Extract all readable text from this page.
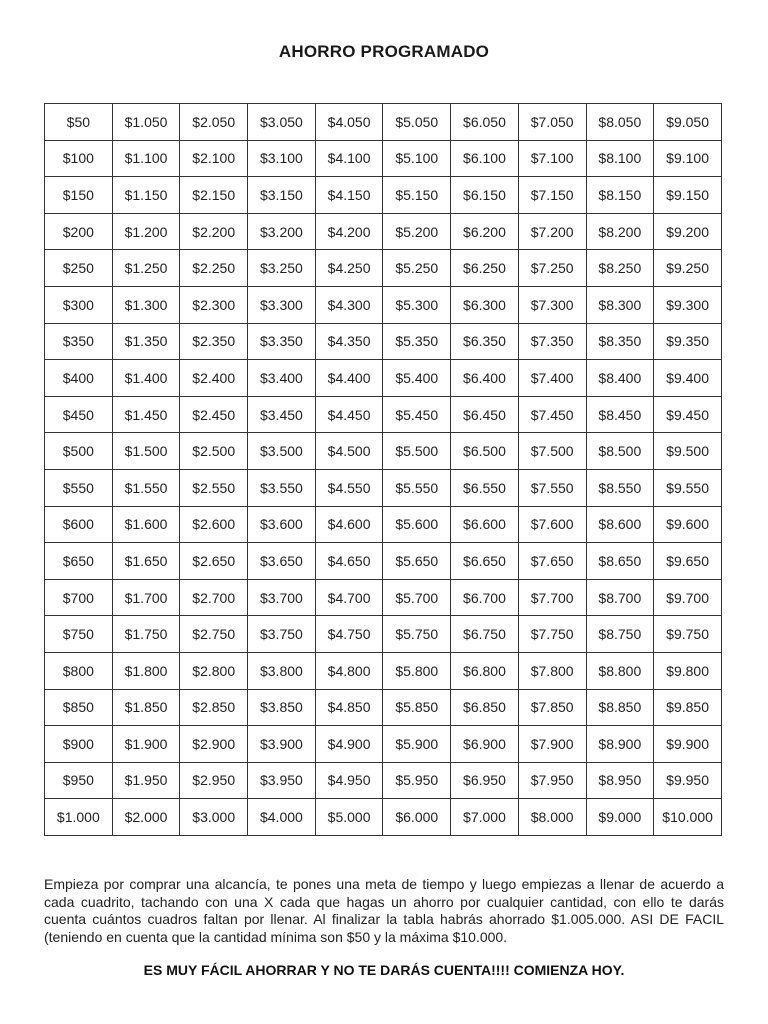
AHORRO PROGRAMADO
$50	$1.050	$2.050	$3.050	$4.050	$5.050	$6.050	$7.050	$8.050	$9.050
$100	$1.100	$2.100	$3.100	$4.100	$5.100	$6.100	$7.100	$8.100	$9.100
$150	$1.150	$2.150	$3.150	$4.150	$5.150	$6.150	$7.150	$8.150	$9.150
$200	$1.200	$2.200	$3.200	$4.200	$5.200	$6.200	$7.200	$8.200	$9.200
$250	$1.250	$2.250	$3.250	$4.250	$5.250	$6.250	$7.250	$8.250	$9.250
$300	$1.300	$2.300	$3.300	$4.300	$5.300	$6.300	$7.300	$8.300	$9.300
$350	$1.350	$2.350	$3.350	$4.350	$5.350	$6.350	$7.350	$8.350	$9.350
$400	$1.400	$2.400	$3.400	$4.400	$5.400	$6.400	$7.400	$8.400	$9.400
$450	$1.450	$2.450	$3.450	$4.450	$5.450	$6.450	$7.450	$8.450	$9.450
$500	$1.500	$2.500	$3.500	$4.500	$5.500	$6.500	$7.500	$8.500	$9.500
$550	$1.550	$2.550	$3.550	$4.550	$5.550	$6.550	$7.550	$8.550	$9.550
$600	$1.600	$2.600	$3.600	$4.600	$5.600	$6.600	$7.600	$8.600	$9.600
$650	$1.650	$2.650	$3.650	$4.650	$5.650	$6.650	$7.650	$8.650	$9.650
$700	$1.700	$2.700	$3.700	$4.700	$5.700	$6.700	$7.700	$8.700	$9.700
$750	$1.750	$2.750	$3.750	$4.750	$5.750	$6.750	$7.750	$8.750	$9.750
$800	$1.800	$2.800	$3.800	$4.800	$5.800	$6.800	$7.800	$8.800	$9.800
$850	$1.850	$2.850	$3.850	$4.850	$5.850	$6.850	$7.850	$8.850	$9.850
$900	$1.900	$2.900	$3.900	$4.900	$5.900	$6.900	$7.900	$8.900	$9.900
$950	$1.950	$2.950	$3.950	$4.950	$5.950	$6.950	$7.950	$8.950	$9.950
$1.000	$2.000	$3.000	$4.000	$5.000	$6.000	$7.000	$8.000	$9.000	$10.000

Empieza por comprar una alcancía, te pones una meta de tiempo y luego empiezas a llenar de acuerdo a cada cuadrito, tachando con una X cada que hagas un ahorro por cualquier cantidad, con ello te darás cuenta cuántos cuadros faltan por llenar. Al finalizar la tabla habrás ahorrado $1.005.000. ASI DE FACIL (teniendo en cuenta que la cantidad mínima son $50 y la máxima $10.000.

ES MUY FÁCIL AHORRAR Y NO TE DARÁS CUENTA!!!! COMIENZA HOY.
